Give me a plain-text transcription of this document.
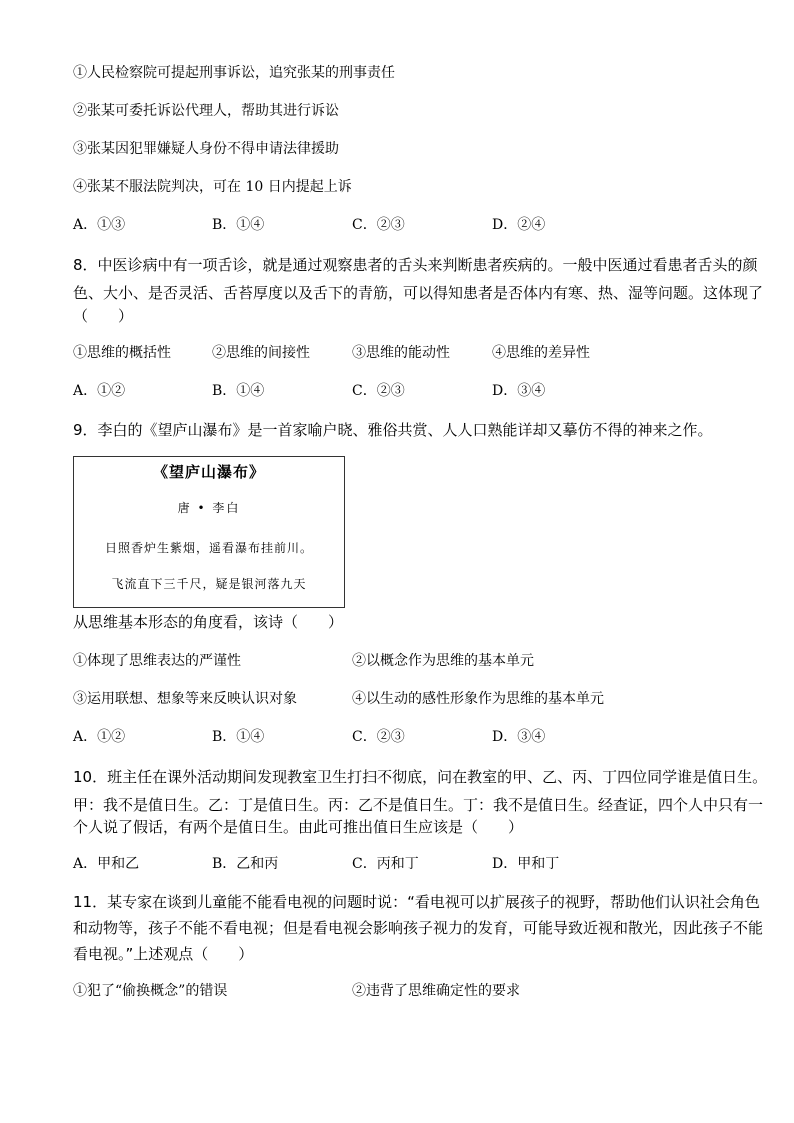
①人民检察院可提起刑事诉讼，追究张某的刑事责任
②张某可委托诉讼代理人，帮助其进行诉讼
③张某因犯罪嫌疑人身份不得申请法律援助
④张某不服法院判决，可在 10 日内提起上诉
A．①③	B．①④	C．②③	D．②④
8．中医诊病中有一项舌诊，就是通过观察患者的舌头来判断患者疾病的。一般中医通过看患者舌头的颜
色、大小、是否灵活、舌苔厚度以及舌下的青筋，可以得知患者是否体内有寒、热、湿等问题。这体现了
（　　）
①思维的概括性	②思维的间接性	③思维的能动性	④思维的差异性
A．①②	B．①④	C．②③	D．③④
9．李白的《望庐山瀑布》是一首家喻户晓、雅俗共赏、人人口熟能详却又摹仿不得的神来之作。
《望庐山瀑布》
唐 • 李白
日照香炉生紫烟，遥看瀑布挂前川。
飞流直下三千尺，疑是银河落九天
从思维基本形态的角度看，该诗（　　）
①体现了思维表达的严谨性	②以概念作为思维的基本单元
③运用联想、想象等来反映认识对象	④以生动的感性形象作为思维的基本单元
A．①②	B．①④	C．②③	D．③④
10．班主任在课外活动期间发现教室卫生打扫不彻底，问在教室的甲、乙、丙、丁四位同学谁是值日生。
甲：我不是值日生。乙：丁是值日生。丙：乙不是值日生。丁：我不是值日生。经查证，四个人中只有一
个人说了假话，有两个是值日生。由此可推出值日生应该是（　　）
A．甲和乙	B．乙和丙	C．丙和丁	D．甲和丁
11．某专家在谈到儿童能不能看电视的问题时说：“看电视可以扩展孩子的视野，帮助他们认识社会角色
和动物等，孩子不能不看电视；但是看电视会影响孩子视力的发育，可能导致近视和散光，因此孩子不能
看电视。”上述观点（　　）
①犯了“偷换概念”的错误	②违背了思维确定性的要求
